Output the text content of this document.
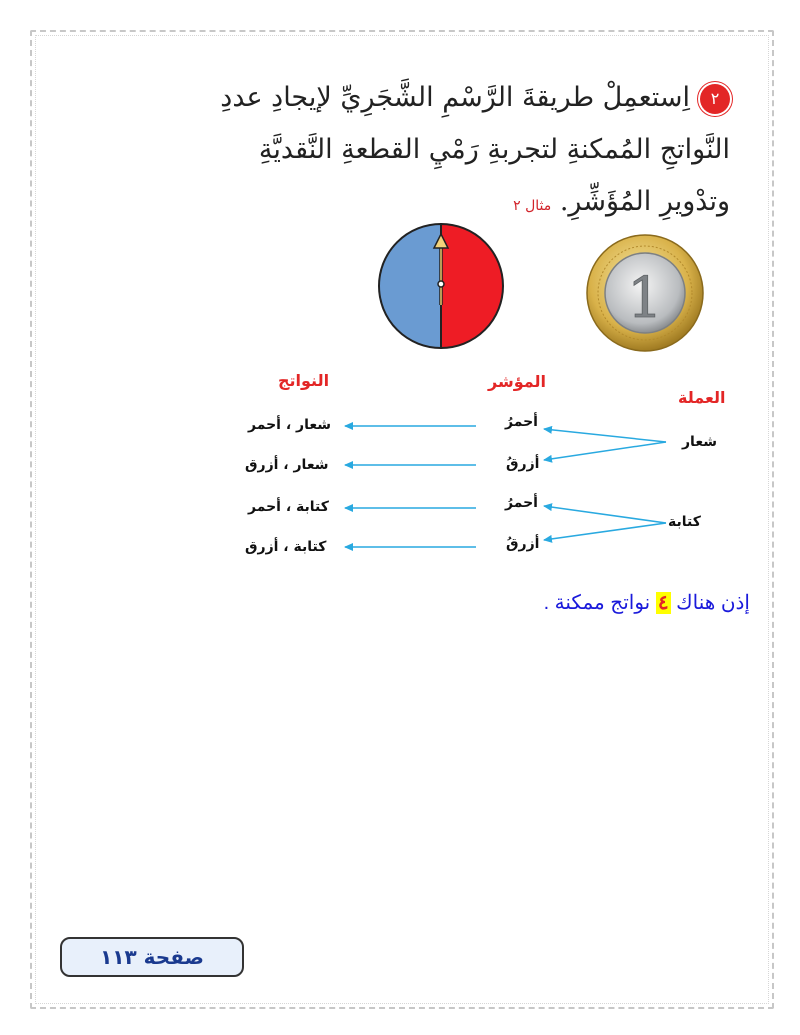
٢اِستعمِلْ طريقةَ الرَّسْمِ الشَّجَرِيِّ لإيجادِ عددِ
النَّواتجِ المُمكنةِ لتجربةِ رَمْيِ القطعةِ النَّقديَّةِ
وتدْويرِ المُؤَشِّرِ. مثال ٢
1
العملة
المؤشر
النواتج
شعار
كتابة
أحمرُ
أزرقُ
أحمرُ
أزرقُ
شعار ، أحمر
شعار ، أزرق
كتابة ، أحمر
كتابة ، أزرق
إذن هناك ٤ نواتج ممكنة .
صفحة ١١٣
